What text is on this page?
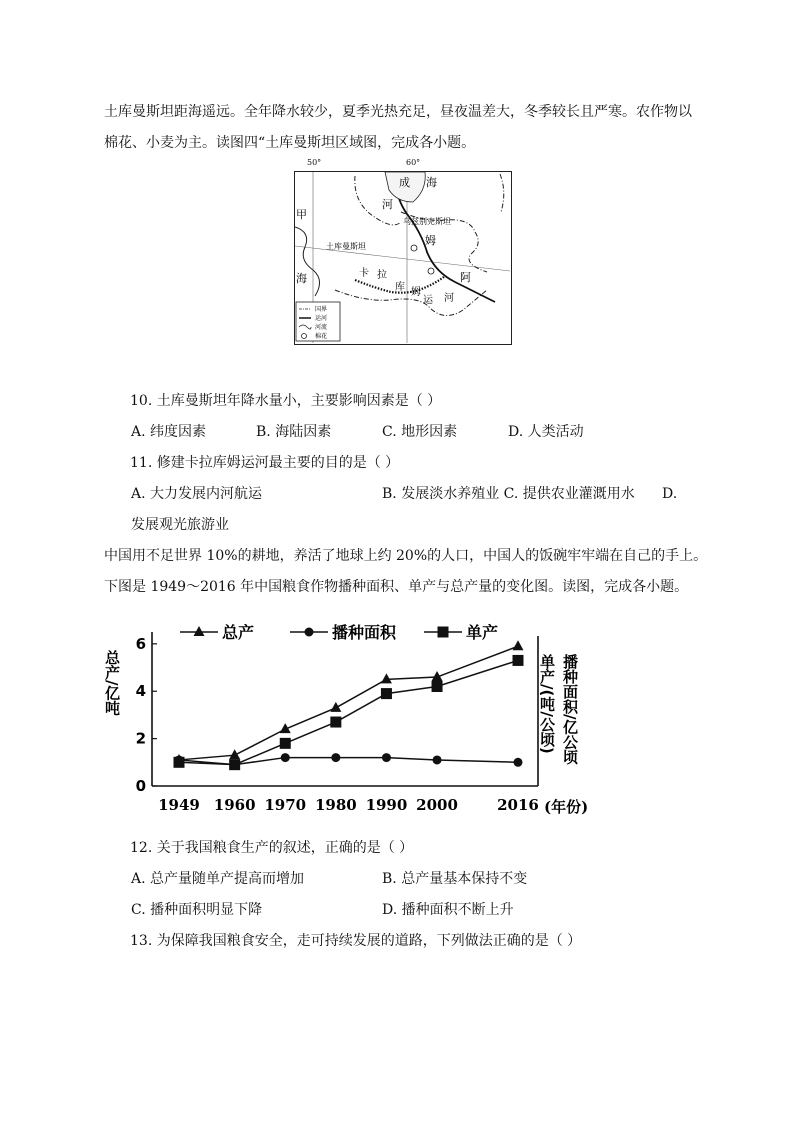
土库曼斯坦距海遥远。全年降水较少，夏季光热充足，昼夜温差大，冬季较长且严寒。农作物以
棉花、小麦为主。读图四“土库曼斯坦区域图，完成各小题。
50°	60°
国界
运河
河流
棉花
成 海
河
乌兹别克斯坦
土库曼斯坦	姆
卡 拉
库 姆
运 河
阿
甲
海
10. 土库曼斯坦年降水量小，主要影响因素是（ ）
A. 纬度因素	B. 海陆因素	C. 地形因素	D. 人类活动
11. 修建卡拉库姆运河最主要的目的是（ ）
A. 大力发展内河航运	B. 发展淡水养殖业 C. 提供农业灌溉用水 D.
发展观光旅游业
中国用不足世界 10%的耕地，养活了地球上约 20%的人口，中国人的饭碗牢牢端在自己的手上。
下图是 1949～2016 年中国粮食作物播种面积、单产与总产量的变化图。读图，完成各小题。
0
2
4
6
1949 1960 1970 1980 1990 2000	2016 (年份)
总产/亿吨	单产/(吨/公顷) 播种面积/亿公顷
总产	播种面积	单产
12. 关于我国粮食生产的叙述，正确的是（ ）
A. 总产量随单产提高而增加	B. 总产量基本保持不变
C. 播种面积明显下降	D. 播种面积不断上升
13. 为保障我国粮食安全，走可持续发展的道路，下列做法正确的是（ ）
